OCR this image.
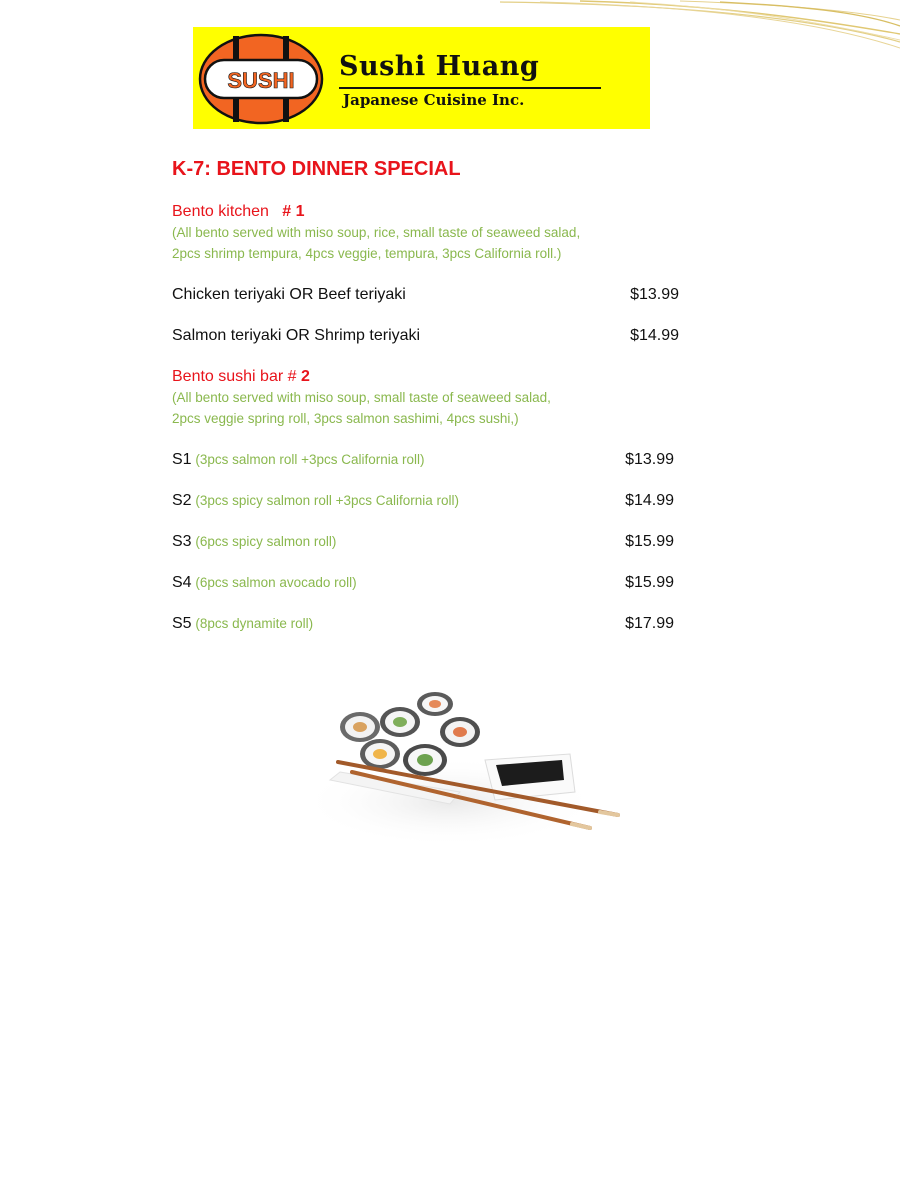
SUSHI Sushi Huang
Japanese Cuisine Inc.
K-7: BENTO DINNER SPECIAL
Bento kitchen # 1
(All bento served with miso soup, rice, small taste of seaweed salad,
2pcs shrimp tempura, 4pcs veggie, tempura, 3pcs California roll.)
Chicken teriyaki OR Beef teriyaki	$13.99
Salmon teriyaki OR Shrimp teriyaki	$14.99
Bento sushi bar # 2
(All bento served with miso soup, small taste of seaweed salad,
2pcs veggie spring roll, 3pcs salmon sashimi, 4pcs sushi,)
S1 (3pcs salmon roll +3pcs California roll)	$13.99
S2 (3pcs spicy salmon roll +3pcs California roll)	$14.99
S3 (6pcs spicy salmon roll)	$15.99
S4 (6pcs salmon avocado roll)	$15.99
S5 (8pcs dynamite roll)	$17.99
